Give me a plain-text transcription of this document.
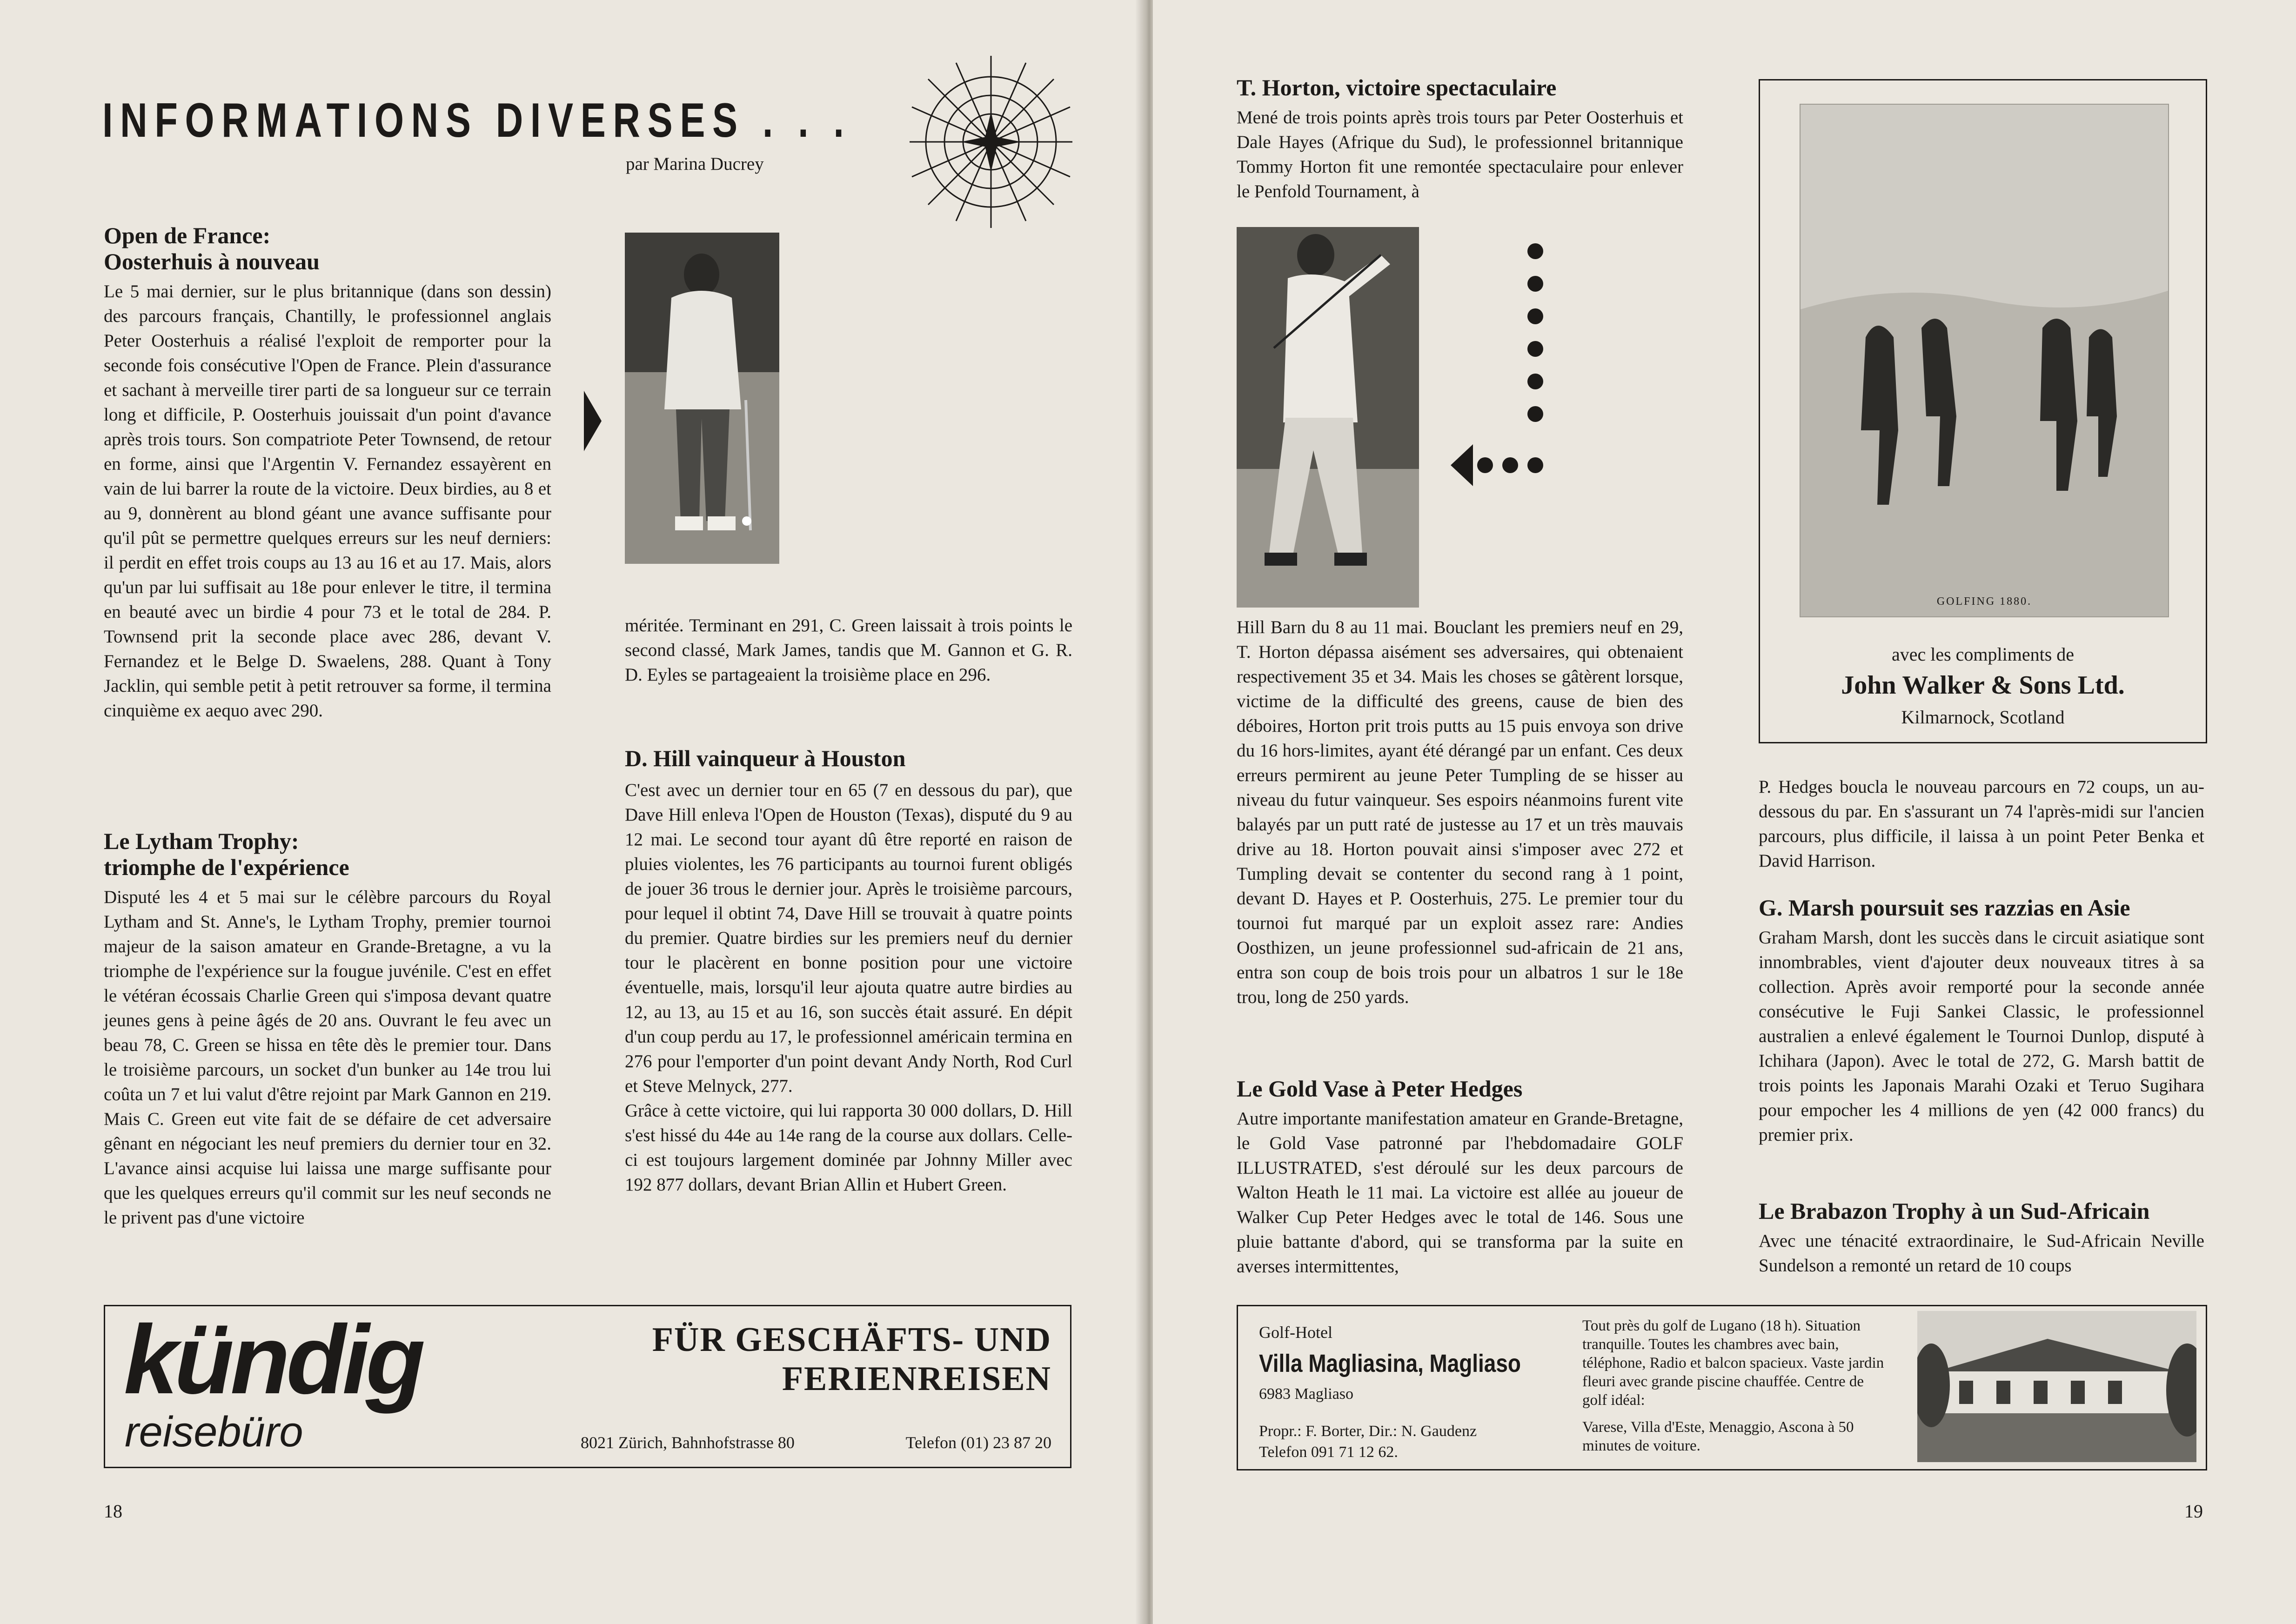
INFORMATIONS DIVERSES . . .
par Marina Ducrey
Open de France:
Oosterhuis à nouveau

Le 5 mai dernier, sur le plus britannique (dans son dessin) des parcours français, Chantilly, le professionnel anglais Peter Oosterhuis a réalisé l'exploit de remporter pour la seconde fois consécutive l'Open de France. Plein d'assurance et sachant à merveille tirer parti de sa longueur sur ce terrain long et difficile, P. Oosterhuis jouissait d'un point d'avance après trois tours. Son compatriote Peter Townsend, de retour en forme, ainsi que l'Argentin V. Fernandez essayèrent en vain de lui barrer la route de la victoire. Deux birdies, au 8 et au 9, donnèrent au blond géant une avance suffisante pour qu'il pût se permettre quelques erreurs sur les neuf derniers: il perdit en effet trois coups au 13 au 16 et au 17. Mais, alors qu'un par lui suffisait au 18e pour enlever le titre, il termina en beauté avec un birdie 4 pour 73 et le total de 284. P. Townsend prit la seconde place avec 286, devant V. Fernandez et le Belge D. Swaelens, 288. Quant à Tony Jacklin, qui semble petit à petit retrouver sa forme, il termina cinquième ex aequo avec 290.

Le Lytham Trophy:
triomphe de l'expérience

Disputé les 4 et 5 mai sur le célèbre parcours du Royal Lytham and St. Anne's, le Lytham Trophy, premier tournoi majeur de la saison amateur en Grande-Bretagne, a vu la triomphe de l'expérience sur la fougue juvénile. C'est en effet le vétéran écossais Charlie Green qui s'imposa devant quatre jeunes gens à peine âgés de 20 ans. Ouvrant le feu avec un beau 78, C. Green se hissa en tête dès le premier tour. Dans le troisième parcours, un socket d'un bunker au 14e trou lui coûta un 7 et lui valut d'être rejoint par Mark Gannon en 219. Mais C. Green eut vite fait de se défaire de cet adversaire gênant en négociant les neuf premiers du dernier tour en 32. L'avance ainsi acquise lui laissa une marge suffisante pour que les quelques erreurs qu'il commit sur les neuf seconds ne le privent pas d'une victoire

méritée. Terminant en 291, C. Green laissait à trois points le second classé, Mark James, tandis que M. Gannon et G. R. D. Eyles se partageaient la troisième place en 296.

D. Hill vainqueur à Houston

C'est avec un dernier tour en 65 (7 en dessous du par), que Dave Hill enleva l'Open de Houston (Texas), disputé du 9 au 12 mai. Le second tour ayant dû être reporté en raison de pluies violentes, les 76 participants au tournoi furent obligés de jouer 36 trous le dernier jour. Après le troisième parcours, pour lequel il obtint 74, Dave Hill se trouvait à quatre points du premier. Quatre birdies sur les premiers neuf du dernier tour le placèrent en bonne position pour une victoire éventuelle, mais, lorsqu'il leur ajouta quatre autre birdies au 12, au 13, au 15 et au 16, son succès était assuré. En dépit d'un coup perdu au 17, le professionnel américain termina en 276 pour l'emporter d'un point devant Andy North, Rod Curl et Steve Melnyck, 277.

Grâce à cette victoire, qui lui rapporta 30 000 dollars, D. Hill s'est hissé du 44e au 14e rang de la course aux dollars. Celle-ci est toujours largement dominée par Johnny Miller avec 192 877 dollars, devant Brian Allin et Hubert Green.

kündig
reisebüro
FÜR GESCHÄFTS- UND
FERIENREISEN
8021 Zürich, Bahnhofstrasse 80	Telefon (01) 23 87 20
18
T. Horton, victoire spectaculaire

Mené de trois points après trois tours par Peter Oosterhuis et Dale Hayes (Afrique du Sud), le professionnel britannique Tommy Horton fit une remontée spectaculaire pour enlever le Penfold Tournament, à

Hill Barn du 8 au 11 mai. Bouclant les premiers neuf en 29, T. Horton dépassa aisément ses adversaires, qui obtenaient respectivement 35 et 34. Mais les choses se gâtèrent lorsque, victime de la difficulté des greens, cause de bien des déboires, Horton prit trois putts au 15 puis envoya son drive du 16 hors-limites, ayant été dérangé par un enfant. Ces deux erreurs permirent au jeune Peter Tumpling de se hisser au niveau du futur vainqueur. Ses espoirs néanmoins furent vite balayés par un putt raté de justesse au 17 et un très mauvais drive au 18. Horton pouvait ainsi s'imposer avec 272 et Tumpling devait se contenter du second rang à 1 point, devant D. Hayes et P. Oosterhuis, 275. Le premier tour du tournoi fut marqué par un exploit assez rare: Andies Oosthizen, un jeune professionnel sud-africain de 21 ans, entra son coup de bois trois pour un albatros 1 sur le 18e trou, long de 250 yards.

Le Gold Vase à Peter Hedges

Autre importante manifestation amateur en Grande-Bretagne, le Gold Vase patronné par l'hebdomadaire GOLF ILLUSTRATED, s'est déroulé sur les deux parcours de Walton Heath le 11 mai. La victoire est allée au joueur de Walker Cup Peter Hedges avec le total de 146. Sous une pluie battante d'abord, qui se transforma par la suite en averses intermittentes,

GOLFING 1880.
avec les compliments de
John Walker & Sons Ltd.
Kilmarnock, Scotland

P. Hedges boucla le nouveau parcours en 72 coups, un au-dessous du par. En s'assurant un 74 l'après-midi sur l'ancien parcours, plus difficile, il laissa à un point Peter Benka et David Harrison.

G. Marsh poursuit ses razzias en Asie

Graham Marsh, dont les succès dans le circuit asiatique sont innombrables, vient d'ajouter deux nouveaux titres à sa collection. Après avoir remporté pour la seconde année consécutive le Fuji Sankei Classic, le professionnel australien a enlevé également le Tournoi Dunlop, disputé à Ichihara (Japon). Avec le total de 272, G. Marsh battit de trois points les Japonais Marahi Ozaki et Teruo Sugihara pour empocher les 4 millions de yen (42 000 francs) du premier prix.

Le Brabazon Trophy à un Sud-Africain

Avec une ténacité extraordinaire, le Sud-Africain Neville Sundelson a remonté un retard de 10 coups

Golf-Hotel
Villa Magliasina, Magliaso
6983 Magliaso
Propr.: F. Borter, Dir.: N. Gaudenz
Telefon 091 71 12 62.
Tout près du golf de Lugano (18 h). Situation tranquille. Toutes les chambres avec bain, téléphone, Radio et balcon spacieux. Vaste jardin fleuri avec grande piscine chauffée. Centre de golf idéal:
Varese, Villa d'Este, Menaggio, Ascona à 50 minutes de voiture.
19
